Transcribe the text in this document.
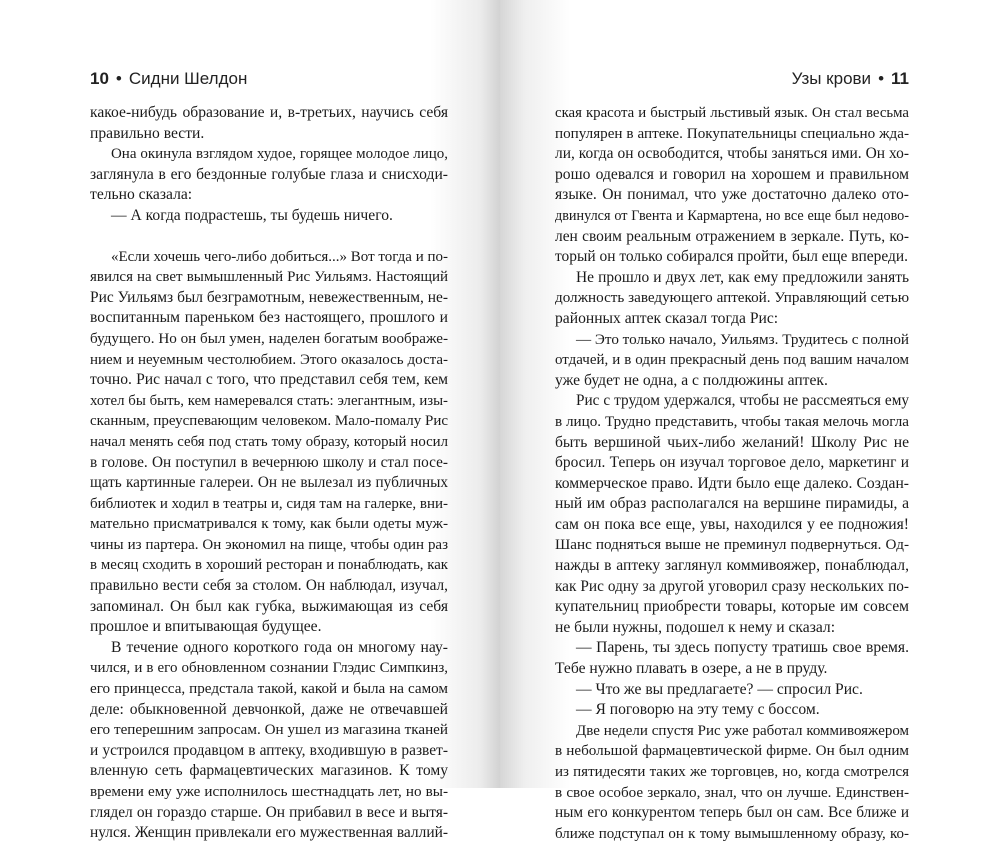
10 • Сидни Шелдон
какое-нибудь образование и, в-третьих, научись себя
правильно вести.
Она окинула взглядом худое, горящее молодое лицо,
заглянула в его бездонные голубые глаза и снисходи-
тельно сказала:
— А когда подрастешь, ты будешь ничего.
«Если хочешь чего-либо добиться...» Вот тогда и по-
явился на свет вымышленный Рис Уильямз. Настоящий
Рис Уильямз был безграмотным, невежественным, не-
воспитанным пареньком без настоящего, прошлого и
будущего. Но он был умен, наделен богатым воображе-
нием и неуемным честолюбием. Этого оказалось доста-
точно. Рис начал с того, что представил себя тем, кем
хотел бы быть, кем намеревался стать: элегантным, изы-
сканным, преуспевающим человеком. Мало-помалу Рис
начал менять себя под стать тому образу, который носил
в голове. Он поступил в вечернюю школу и стал посе-
щать картинные галереи. Он не вылезал из публичных
библиотек и ходил в театры и, сидя там на галерке, вни-
мательно присматривался к тому, как были одеты муж-
чины из партера. Он экономил на пище, чтобы один раз
в месяц сходить в хороший ресторан и понаблюдать, как
правильно вести себя за столом. Он наблюдал, изучал,
запоминал. Он был как губка, выжимающая из себя
прошлое и впитывающая будущее.
В течение одного короткого года он многому нау-
чился, и в его обновленном сознании Глэдис Симпкинз,
его принцесса, предстала такой, какой и была на самом
деле: обыкновенной девчонкой, даже не отвечавшей
его теперешним запросам. Он ушел из магазина тканей
и устроился продавцом в аптеку, входившую в развет-
вленную сеть фармацевтических магазинов. К тому
времени ему уже исполнилось шестнадцать лет, но вы-
глядел он гораздо старше. Он прибавил в весе и вытя-
нулся. Женщин привлекали его мужественная валлий-
Узы крови • 11
ская красота и быстрый льстивый язык. Он стал весьма
популярен в аптеке. Покупательницы специально жда-
ли, когда он освободится, чтобы заняться ими. Он хо-
рошо одевался и говорил на хорошем и правильном
языке. Он понимал, что уже достаточно далеко ото-
двинулся от Гвента и Кармартена, но все еще был недово-
лен своим реальным отражением в зеркале. Путь, ко-
торый он только собирался пройти, был еще впереди.
Не прошло и двух лет, как ему предложили занять
должность заведующего аптекой. Управляющий сетью
районных аптек сказал тогда Рис:
— Это только начало, Уильямз. Трудитесь с полной
отдачей, и в один прекрасный день под вашим началом
уже будет не одна, а с полдюжины аптек.
Рис с трудом удержался, чтобы не рассмеяться ему
в лицо. Трудно представить, чтобы такая мелочь могла
быть вершиной чьих-либо желаний! Школу Рис не
бросил. Теперь он изучал торговое дело, маркетинг и
коммерческое право. Идти было еще далеко. Создан-
ный им образ располагался на вершине пирамиды, а
сам он пока все еще, увы, находился у ее подножия!
Шанс подняться выше не преминул подвернуться. Од-
нажды в аптеку заглянул коммивояжер, понаблюдал,
как Рис одну за другой уговорил сразу нескольких по-
купательниц приобрести товары, которые им совсем
не были нужны, подошел к нему и сказал:
— Парень, ты здесь попусту тратишь свое время.
Тебе нужно плавать в озере, а не в пруду.
— Что же вы предлагаете? — спросил Рис.
— Я поговорю на эту тему с боссом.
Две недели спустя Рис уже работал коммивояжером
в небольшой фармацевтической фирме. Он был одним
из пятидесяти таких же торговцев, но, когда смотрелся
в свое особое зеркало, знал, что он лучше. Единствен-
ным его конкурентом теперь был он сам. Все ближе и
ближе подступал он к тому вымышленному образу, ко-
